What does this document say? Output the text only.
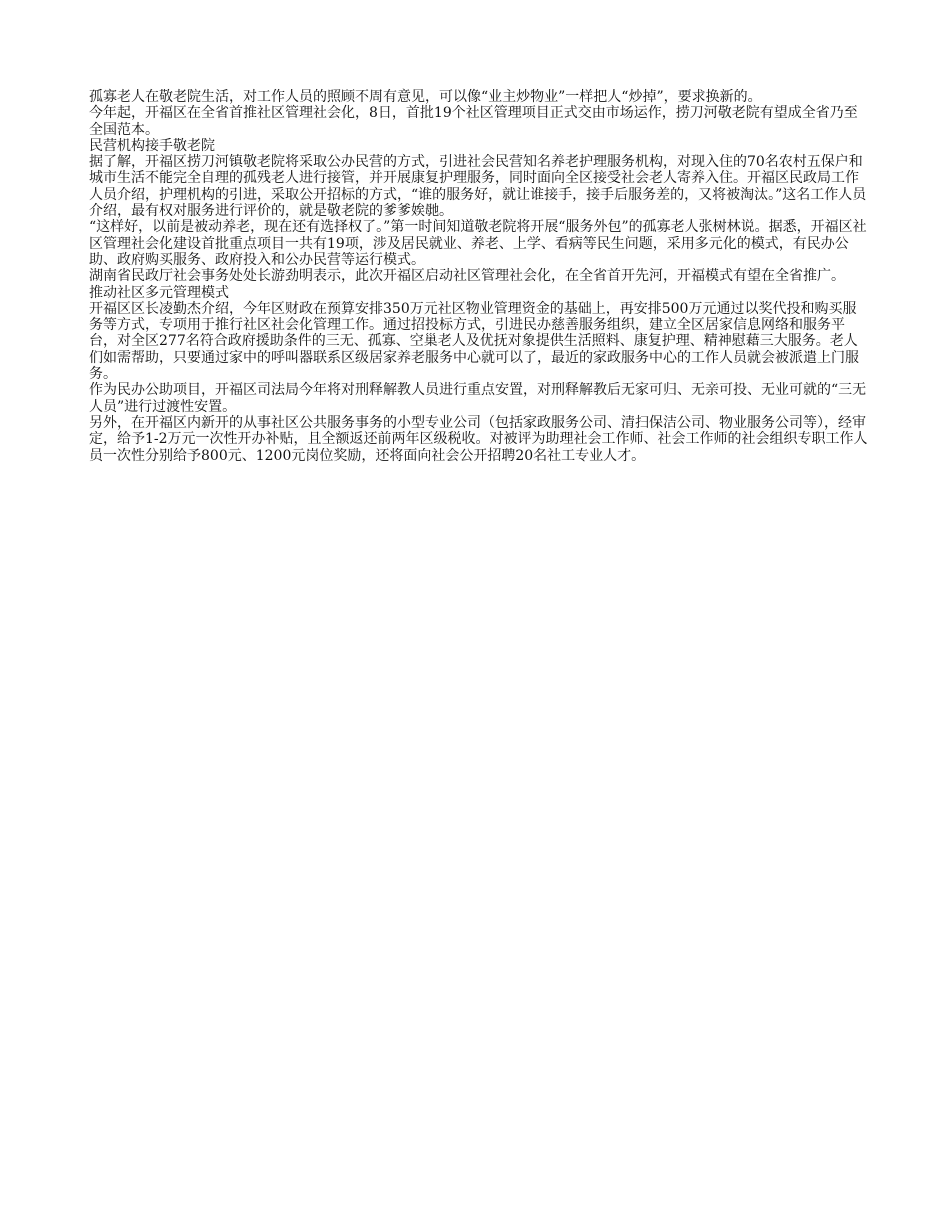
孤寡老人在敬老院生活，对工作人员的照顾不周有意见，可以像“业主炒物业”一样把人“炒掉”，要求换新的。

今年起，开福区在全省首推社区管理社会化，8日，首批19个社区管理项目正式交由市场运作，捞刀河敬老院有望成全省乃至全国范本。

民营机构接手敬老院

据了解，开福区捞刀河镇敬老院将采取公办民营的方式，引进社会民营知名养老护理服务机构，对现入住的70名农村五保户和城市生活不能完全自理的孤残老人进行接管，并开展康复护理服务，同时面向全区接受社会老人寄养入住。开福区民政局工作人员介绍，护理机构的引进，采取公开招标的方式，“谁的服务好，就让谁接手，接手后服务差的，又将被淘汰。”这名工作人员介绍，最有权对服务进行评价的，就是敬老院的爹爹娭毑。

“这样好，以前是被动养老，现在还有选择权了。”第一时间知道敬老院将开展“服务外包”的孤寡老人张树林说。据悉，开福区社区管理社会化建设首批重点项目一共有19项，涉及居民就业、养老、上学、看病等民生问题，采用多元化的模式，有民办公助、政府购买服务、政府投入和公办民营等运行模式。

湖南省民政厅社会事务处处长游劲明表示，此次开福区启动社区管理社会化，在全省首开先河，开福模式有望在全省推广。

推动社区多元管理模式

开福区区长凌勤杰介绍，今年区财政在预算安排350万元社区物业管理资金的基础上，再安排500万元通过以奖代投和购买服务等方式，专项用于推行社区社会化管理工作。通过招投标方式，引进民办慈善服务组织，建立全区居家信息网络和服务平台，对全区277名符合政府援助条件的三无、孤寡、空巢老人及优抚对象提供生活照料、康复护理、精神慰藉三大服务。老人们如需帮助，只要通过家中的呼叫器联系区级居家养老服务中心就可以了，最近的家政服务中心的工作人员就会被派遣上门服务。

作为民办公助项目，开福区司法局今年将对刑释解教人员进行重点安置，对刑释解教后无家可归、无亲可投、无业可就的“三无人员”进行过渡性安置。

另外，在开福区内新开的从事社区公共服务事务的小型专业公司（包括家政服务公司、清扫保洁公司、物业服务公司等），经审定，给予1-2万元一次性开办补贴，且全额返还前两年区级税收。对被评为助理社会工作师、社会工作师的社会组织专职工作人员一次性分别给予800元、1200元岗位奖励，还将面向社会公开招聘20名社工专业人才。
